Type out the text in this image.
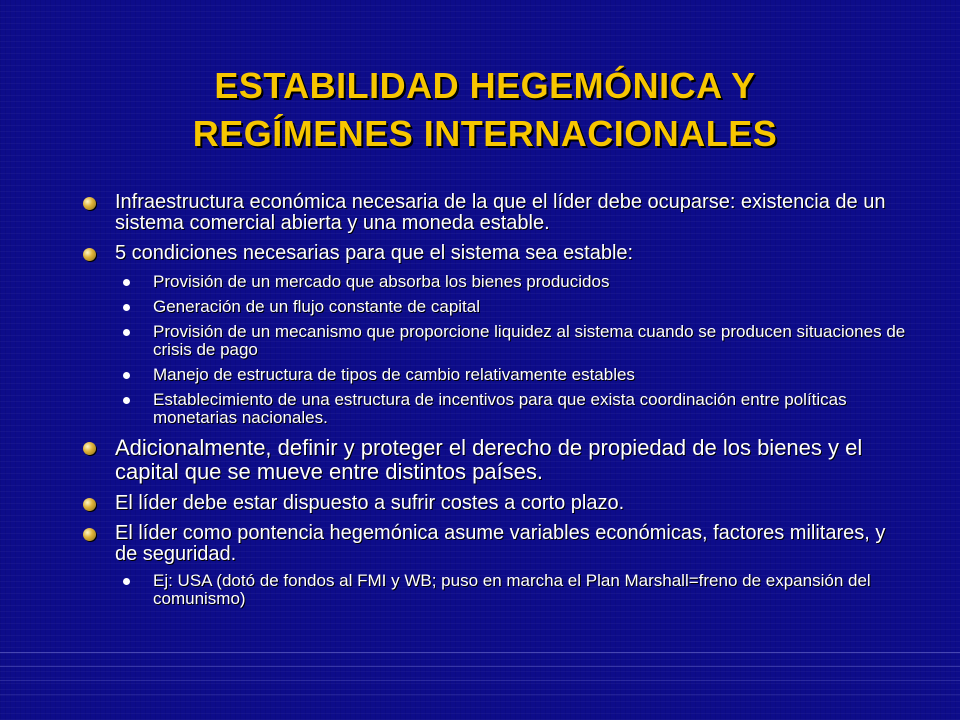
ESTABILIDAD HEGEMÓNICA Y
REGÍMENES INTERNACIONALES
Infraestructura económica necesaria de la que el líder debe ocuparse: existencia de un sistema comercial abierta y una moneda estable.
5 condiciones necesarias para que el sistema sea estable:
Provisión de un mercado que absorba los bienes producidos
Generación de un flujo constante de capital
Provisión de un mecanismo que proporcione liquidez al sistema cuando se producen situaciones de crisis de pago
Manejo de estructura de tipos de cambio relativamente estables
Establecimiento de una estructura de incentivos para que exista coordinación entre políticas monetarias nacionales.
Adicionalmente, definir y proteger el derecho de propiedad de los bienes y el capital que se mueve entre distintos países.
El líder debe estar dispuesto a sufrir costes a corto plazo.
El líder como pontencia hegemónica asume variables económicas, factores militares, y de seguridad.
Ej: USA (dotó de fondos al FMI y WB; puso en marcha el Plan Marshall=freno de expansión del comunismo)
